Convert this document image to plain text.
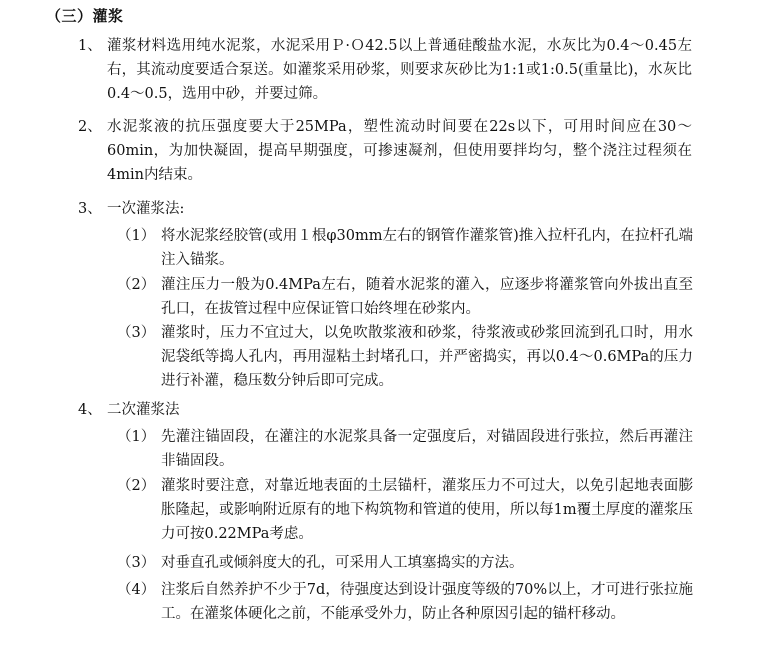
（三）灌浆
1、 灌浆材料选用纯水泥浆，水泥采用Ｐ·Ｏ42.5以上普通硅酸盐水泥，水灰比为0.4～0.45左右，其流动度要适合泵送。如灌浆采用砂浆，则要求灰砂比为1:1或1:0.5(重量比)，水灰比0.4～0.5，选用中砂，并要过筛。
2、 水泥浆液的抗压强度要大于25MPa，塑性流动时间要在22s以下，可用时间应在30～60min，为加快凝固，提高早期强度，可掺速凝剂，但使用要拌均匀，整个浇注过程须在4min内结束。
3、 一次灌浆法:
（1） 将水泥浆经胶管(或用１根φ30mm左右的钢管作灌浆管)推入拉杆孔内，在拉杆孔端注入锚浆。
（2） 灌注压力一般为0.4MPa左右，随着水泥浆的灌入，应逐步将灌浆管向外拔出直至孔口，在拔管过程中应保证管口始终埋在砂浆内。
（3） 灌浆时，压力不宜过大，以免吹散浆液和砂浆，待浆液或砂浆回流到孔口时，用水泥袋纸等捣人孔内，再用湿粘土封堵孔口，并严密捣实，再以0.4～0.6MPa的压力进行补灌，稳压数分钟后即可完成。
4、 二次灌浆法
（1） 先灌注锚固段，在灌注的水泥浆具备一定强度后，对锚固段进行张拉，然后再灌注非锚固段。
（2） 灌浆时要注意，对靠近地表面的土层锚杆，灌浆压力不可过大，以免引起地表面膨胀隆起，或影响附近原有的地下构筑物和管道的使用，所以每1m覆土厚度的灌浆压力可按0.22MPa考虑。
（3） 对垂直孔或倾斜度大的孔，可采用人工填塞捣实的方法。
（4） 注浆后自然养护不少于7d，待强度达到设计强度等级的70%以上，才可进行张拉施工。在灌浆体硬化之前，不能承受外力，防止各种原因引起的锚杆移动。
